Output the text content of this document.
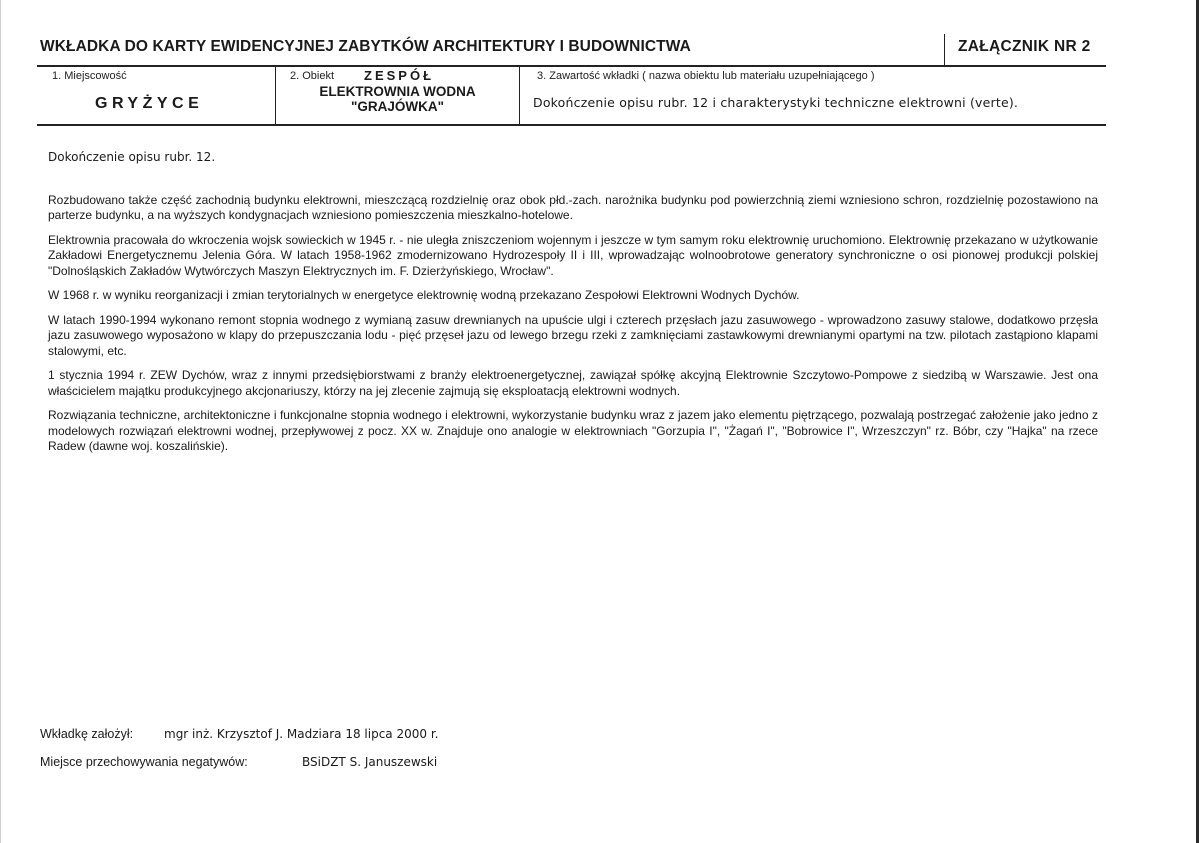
WKŁADKA DO KARTY EWIDENCYJNEJ ZABYTKÓW ARCHITEKTURY I BUDOWNICTWA	ZAŁĄCZNIK NR 2
1. Miejscowość
GRYŻYCE
2. Obiekt ZESPÓŁ
ELEKTROWNIA WODNA
"GRAJÓWKA"
3. Zawartość wkładki ( nazwa obiektu lub materiału uzupełniającego )
Dokończenie opisu rubr. 12 i charakterystyki techniczne elektrowni (verte).

Dokończenie opisu rubr. 12.

Rozbudowano także część zachodnią budynku elektrowni, mieszczącą rozdzielnię oraz obok płd.-zach. narożnika budynku pod powierzchnią ziemi wzniesiono schron, rozdzielnię pozostawiono na parterze budynku, a na wyższych kondygnacjach wzniesiono pomieszczenia mieszkalno-hotelowe.

Elektrownia pracowała do wkroczenia wojsk sowieckich w 1945 r. - nie uległa zniszczeniom wojennym i jeszcze w tym samym roku elektrownię uruchomiono. Elektrownię przekazano w użytkowanie Zakładowi Energetycznemu Jelenia Góra. W latach 1958-1962 zmodernizowano Hydrozespoły II i III, wprowadzając wolnoobrotowe generatory synchroniczne o osi pionowej produkcji polskiej "Dolnośląskich Zakładów Wytwórczych Maszyn Elektrycznych im. F. Dzierżyńskiego, Wrocław".

W 1968 r. w wyniku reorganizacji i zmian terytorialnych w energetyce elektrownię wodną przekazano Zespołowi Elektrowni Wodnych Dychów.

W latach 1990-1994 wykonano remont stopnia wodnego z wymianą zasuw drewnianych na upuście ulgi i czterech przęsłach jazu zasuwowego - wprowadzono zasuwy stalowe, dodatkowo przęsła jazu zasuwowego wyposażono w klapy do przepuszczania lodu - pięć przęseł jazu od lewego brzegu rzeki z zamknięciami zastawkowymi drewnianymi opartymi na tzw. pilotach zastąpiono klapami stalowymi, etc.

1 stycznia 1994 r. ZEW Dychów, wraz z innymi przedsiębiorstwami z branży elektroenergetycznej, zawiązał spółkę akcyjną Elektrownie Szczytowo-Pompowe z siedzibą w Warszawie. Jest ona właścicielem majątku produkcyjnego akcjonariuszy, którzy na jej zlecenie zajmują się eksploatacją elektrowni wodnych.

Rozwiązania techniczne, architektoniczne i funkcjonalne stopnia wodnego i elektrowni, wykorzystanie budynku wraz z jazem jako elementu piętrzącego, pozwalają postrzegać założenie jako jedno z modelowych rozwiązań elektrowni wodnej, przepływowej z pocz. XX w. Znajduje ono analogie w elektrowniach "Gorzupia I", "Żagań I", "Bobrowice I", Wrzeszczyn" rz. Bóbr, czy "Hajka" na rzece Radew (dawne woj. koszalińskie).

Wkładkę założył:	mgr inż. Krzysztof J. Madziara 18 lipca 2000 r.
Miejsce przechowywania negatywów:	BSiDZT S. Januszewski
